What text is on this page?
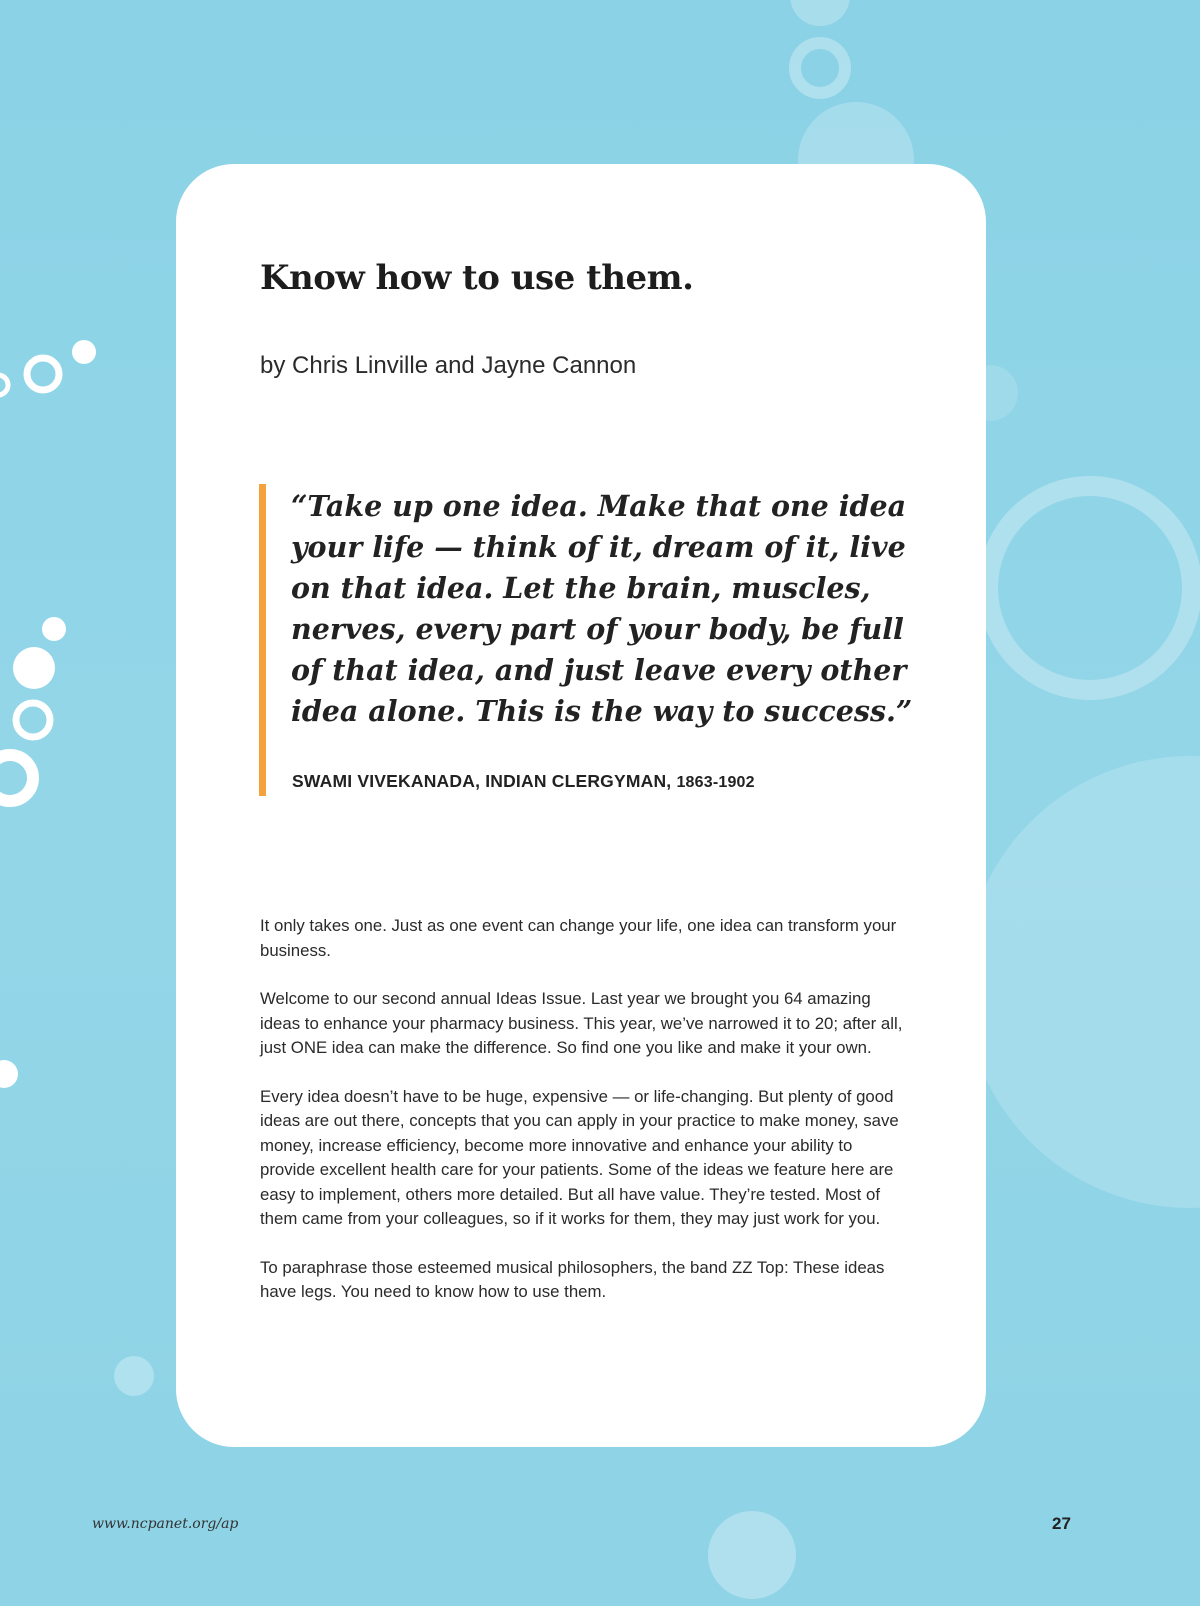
Know how to use them.
by Chris Linville and Jayne Cannon

“Take up one idea. Make that one idea your life — think of it, dream of it, live on that idea. Let the brain, muscles, nerves, every part of your body, be full of that idea, and just leave every other idea alone. This is the way to success.”

SWAMI VIVEKANADA, INDIAN CLERGYMAN, 1863-1902

It only takes one. Just as one event can change your life, one idea can transform your business.

Welcome to our second annual Ideas Issue. Last year we brought you 64 amazing ideas to enhance your pharmacy business. This year, we’ve narrowed it to 20; after all, just ONE idea can make the difference. So find one you like and make it your own.

Every idea doesn’t have to be huge, expensive — or life-changing. But plenty of good ideas are out there, concepts that you can apply in your practice to make money, save money, increase efficiency, become more innovative and enhance your ability to provide excellent health care for your patients. Some of the ideas we feature here are easy to implement, others more detailed. But all have value. They’re tested. Most of them came from your colleagues, so if it works for them, they may just work for you.

To paraphrase those esteemed musical philosophers, the band ZZ Top: These ideas have legs. You need to know how to use them.

www.ncpanet.org/ap	27
